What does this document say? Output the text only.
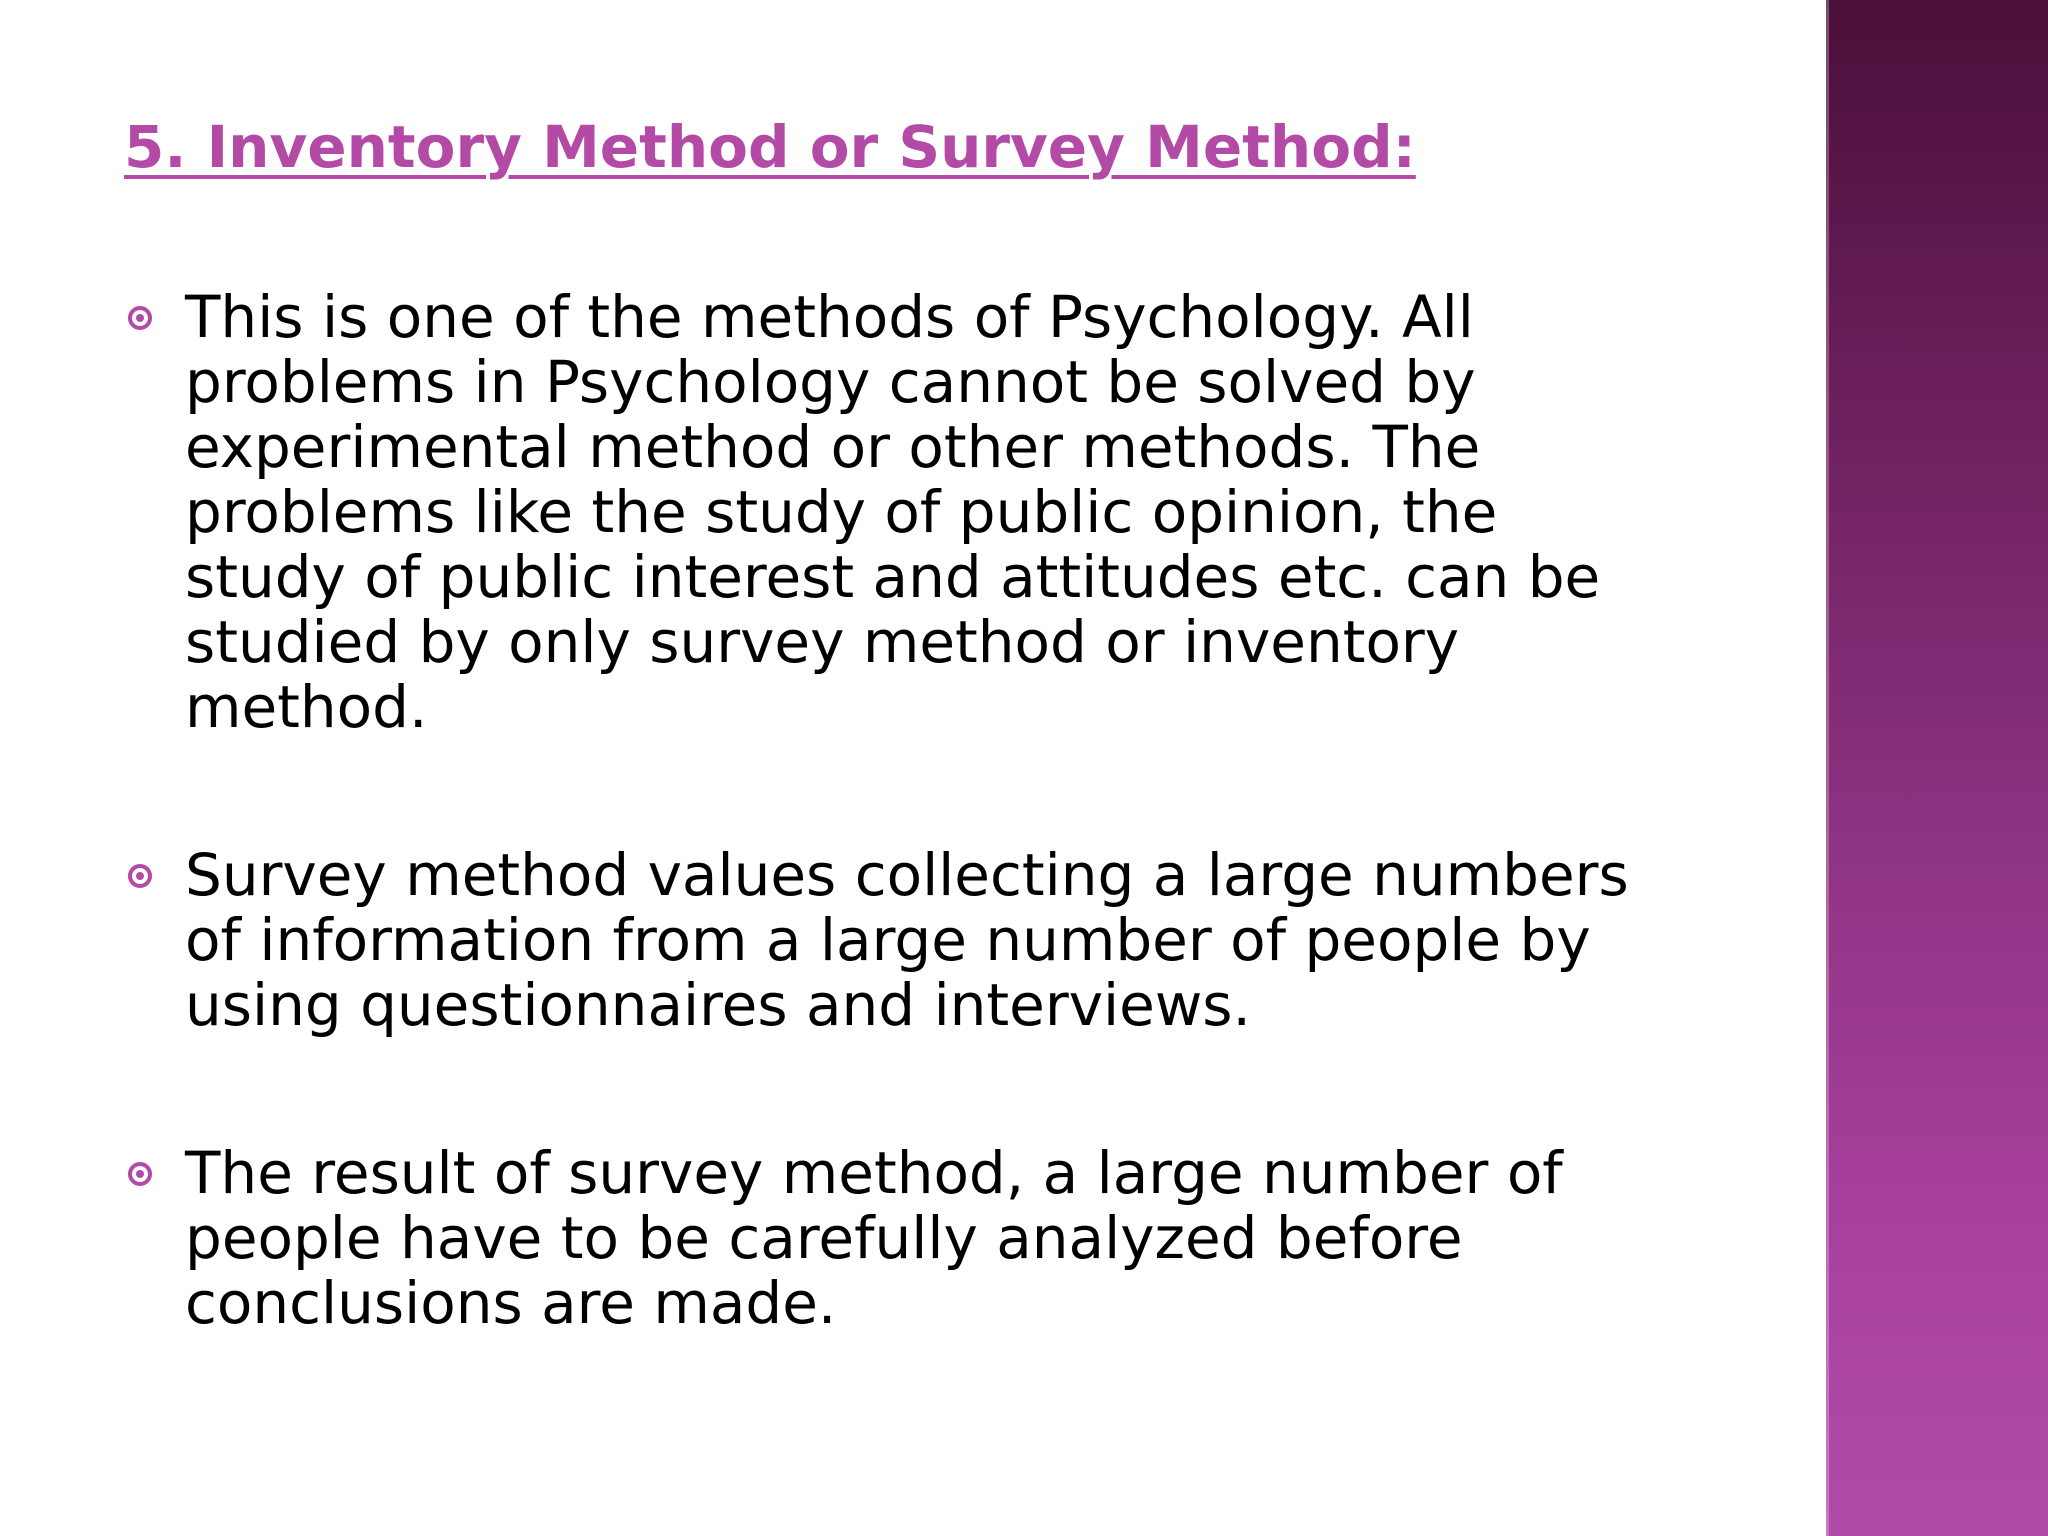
5. Inventory Method or Survey Method:
This is one of the methods of Psychology. All
problems in Psychology cannot be solved by
experimental method or other methods. The
problems like the study of public opinion, the
study of public interest and attitudes etc. can be
studied by only survey method or inventory
method.
Survey method values collecting a large numbers
of information from a large number of people by
using questionnaires and interviews.
The result of survey method, a large number of
people have to be carefully analyzed before
conclusions are made.
